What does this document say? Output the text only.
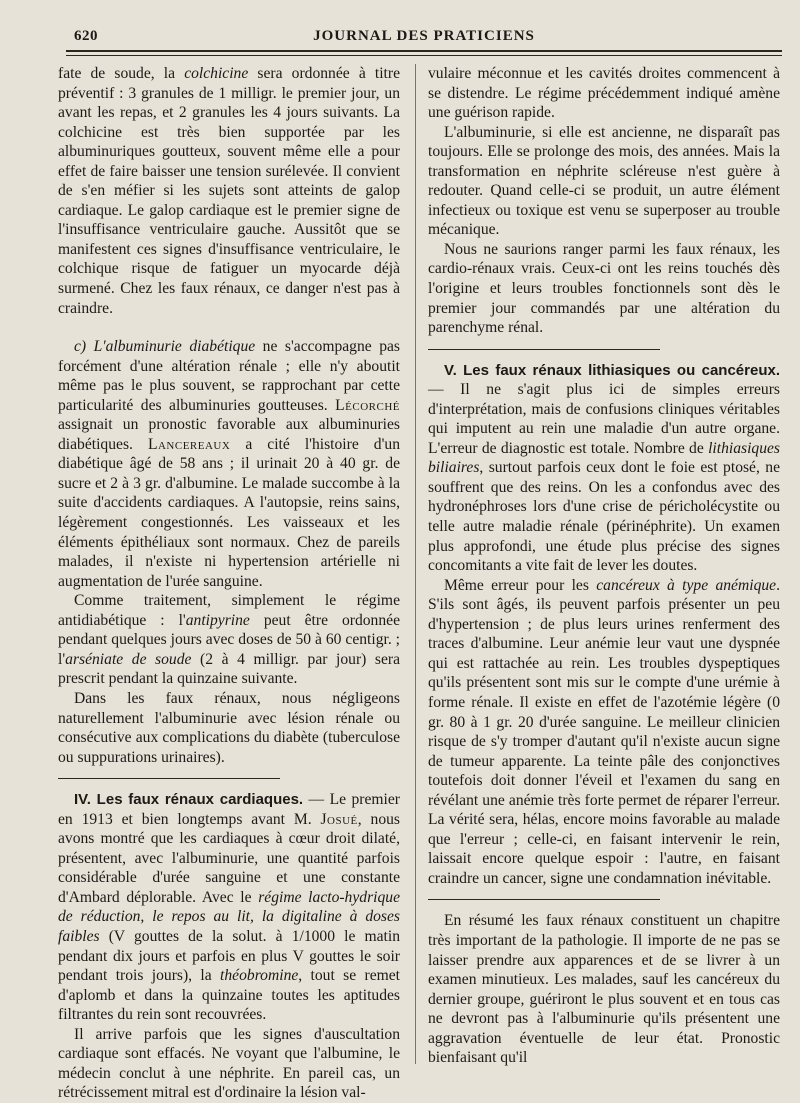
620	JOURNAL DES PRATICIENS

fate de soude, la colchicine sera ordonnée à titre préventif : 3 granules de 1 milligr. le premier jour, un avant les repas, et 2 granules les 4 jours suivants. La colchicine est très bien supportée par les albuminuriques goutteux, souvent même elle a pour effet de faire baisser une tension surélevée. Il convient de s'en méfier si les sujets sont atteints de galop cardiaque. Le galop cardiaque est le premier signe de l'insuffisance ventriculaire gauche. Aussitôt que se manifestent ces signes d'insuffisance ventriculaire, le colchique risque de fatiguer un myocarde déjà surmené. Chez les faux rénaux, ce danger n'est pas à craindre.

c) L'albuminurie diabétique ne s'accompagne pas forcément d'une altération rénale ; elle n'y aboutit même pas le plus souvent, se rapprochant par cette particularité des albuminuries goutteuses. Lécorché assignait un pronostic favorable aux albuminuries diabétiques. Lancereaux a cité l'histoire d'un diabétique âgé de 58 ans ; il urinait 20 à 40 gr. de sucre et 2 à 3 gr. d'albumine. Le malade succombe à la suite d'accidents cardiaques. A l'autopsie, reins sains, légèrement congestionnés. Les vaisseaux et les éléments épithéliaux sont normaux. Chez de pareils malades, il n'existe ni hypertension artérielle ni augmentation de l'urée sanguine.

Comme traitement, simplement le régime antidiabétique : l'antipyrine peut être ordonnée pendant quelques jours avec doses de 50 à 60 centigr. ; l'arséniate de soude (2 à 4 milligr. par jour) sera prescrit pendant la quinzaine suivante.

Dans les faux rénaux, nous négligeons naturellement l'albuminurie avec lésion rénale ou consécutive aux complications du diabète (tuberculose ou suppurations urinaires).

IV. Les faux rénaux cardiaques. — Le premier en 1913 et bien longtemps avant M. Josué, nous avons montré que les cardiaques à cœur droit dilaté, présentent, avec l'albuminurie, une quantité parfois considérable d'urée sanguine et une constante d'Ambard déplorable. Avec le régime lacto-hydrique de réduction, le repos au lit, la digitaline à doses faibles (V gouttes de la solut. à 1/1000 le matin pendant dix jours et parfois en plus V gouttes le soir pendant trois jours), la théobromine, tout se remet d'aplomb et dans la quinzaine toutes les aptitudes filtrantes du rein sont recouvrées.

Il arrive parfois que les signes d'auscultation cardiaque sont effacés. Ne voyant que l'albumine, le médecin conclut à une néphrite. En pareil cas, un rétrécissement mitral est d'ordinaire la lésion val-

vulaire méconnue et les cavités droites commencent à se distendre. Le régime précédemment indiqué amène une guérison rapide.

L'albuminurie, si elle est ancienne, ne disparaît pas toujours. Elle se prolonge des mois, des années. Mais la transformation en néphrite scléreuse n'est guère à redouter. Quand celle-ci se produit, un autre élément infectieux ou toxique est venu se superposer au trouble mécanique.

Nous ne saurions ranger parmi les faux rénaux, les cardio-rénaux vrais. Ceux-ci ont les reins touchés dès l'origine et leurs troubles fonctionnels sont dès le premier jour commandés par une altération du parenchyme rénal.

V. Les faux rénaux lithiasiques ou cancéreux. — Il ne s'agit plus ici de simples erreurs d'interprétation, mais de confusions cliniques véritables qui imputent au rein une maladie d'un autre organe. L'erreur de diagnostic est totale. Nombre de lithiasiques biliaires, surtout parfois ceux dont le foie est ptosé, ne souffrent que des reins. On les a confondus avec des hydronéphroses lors d'une crise de péricholécystite ou telle autre maladie rénale (périnéphrite). Un examen plus approfondi, une étude plus précise des signes concomitants a vite fait de lever les doutes.

Même erreur pour les cancéreux à type anémique. S'ils sont âgés, ils peuvent parfois présenter un peu d'hypertension ; de plus leurs urines renferment des traces d'albumine. Leur anémie leur vaut une dyspnée qui est rattachée au rein. Les troubles dyspeptiques qu'ils présentent sont mis sur le compte d'une urémie à forme rénale. Il existe en effet de l'azotémie légère (0 gr. 80 à 1 gr. 20 d'urée sanguine. Le meilleur clinicien risque de s'y tromper d'autant qu'il n'existe aucun signe de tumeur apparente. La teinte pâle des conjonctives toutefois doit donner l'éveil et l'examen du sang en révélant une anémie très forte permet de réparer l'erreur. La vérité sera, hélas, encore moins favorable au malade que l'erreur ; celle-ci, en faisant intervenir le rein, laissait encore quelque espoir : l'autre, en faisant craindre un cancer, signe une condamnation inévitable.

En résumé les faux rénaux constituent un chapitre très important de la pathologie. Il importe de ne pas se laisser prendre aux apparences et de se livrer à un examen minutieux. Les malades, sauf les cancéreux du dernier groupe, guériront le plus souvent et en tous cas ne devront pas à l'albuminurie qu'ils présentent une aggravation éventuelle de leur état. Pronostic bienfaisant qu'il
